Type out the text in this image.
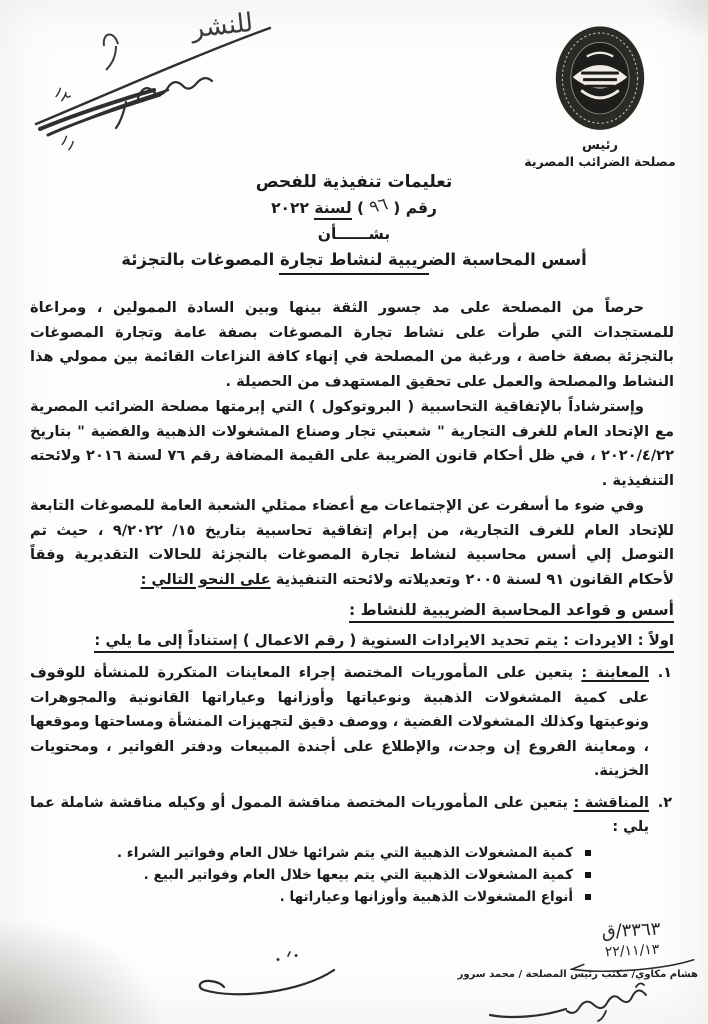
للنشر
١٢
١١	رئيس
مصلحة الضرائب المصرية
تعليمات تنفيذية للفحص
رقم ( ٩٦ ) لسنة ٢٠٢٢
بشــــــأن
أسس المحاسبة الضريبية لنشاط تجارة المصوغات بالتجزئة

حرصاً من المصلحة على مد جسور الثقة بينها وبين السادة الممولين ، ومراعاة للمستجدات التي طرأت على نشاط تجارة المصوغات بصفة عامة وتجارة المصوغات بالتجزئة بصفة خاصة ، ورغبة من المصلحة في إنهاء كافة النزاعات القائمة بين ممولي هذا النشاط والمصلحة والعمل على تحقيق المستهدف من الحصيلة .

وإسترشاداً بالإتفاقية التحاسبية ( البروتوكول ) التي إبرمتها مصلحة الضرائب المصرية مع الإتحاد العام للغرف التجارية " شعبتي تجار وصناع المشغولات الذهبية والفضية " بتاريخ ٢٠٢٠/٤/٢٢ ، في ظل أحكام قانون الضريبة على القيمة المضافة رقم ٧٦ لسنة ٢٠١٦ ولائحته التنفيذية .

وفي ضوء ما أسفرت عن الإجتماعات مع أعضاء ممثلي الشعبة العامة للمصوغات التابعة للإتحاد العام للغرف التجارية، من إبرام إتفاقية تحاسبية بتاريخ ١٥/ ٩/٢٠٢٢ ، حيث تم التوصل إلي أسس محاسبية لنشاط تجارة المصوغات بالتجزئة للحالات التقديرية وفقاً لأحكام القانون ٩١ لسنة ٢٠٠٥ وتعديلاته ولائحته التنفيذية على النحو التالي :

أسس و قواعد المحاسبة الضريبية للنشاط :
اولاً : الايردات : يتم تحديد الايرادات السنوية ( رقم الاعمال ) إستناداً إلى ما يلي :
١.
المعاينة : يتعين على المأموريات المختصة إجراء المعاينات المتكررة للمنشأة للوقوف على كمية المشغولات الذهبية ونوعياتها وأوزانها وعياراتها القانونية والمجوهرات ونوعيتها وكذلك المشغولات الفضية ، ووصف دقيق لتجهيزات المنشأة ومساحتها وموقعها ، ومعاينة الفروع إن وجدت، والإطلاع على أجندة المبيعات ودفتر الفواتير ، ومحتويات الخزينة.
٢.
المناقشة : يتعين على المأموريات المختصة مناقشة الممول أو وكيله مناقشة شاملة عما يلي :
كمية المشغولات الذهبية التي يتم شرائها خلال العام وفواتير الشراء .
كمية المشغولات الذهبية التي يتم بيعها خلال العام وفواتير البيع .
أنواع المشغولات الذهبية وأوزانها وعياراتها .
٣٣٦٣/ق
٢٢/١١/١٣
هشام مكاوي/ مكتب رئيس المصلحة / محمد سرور
